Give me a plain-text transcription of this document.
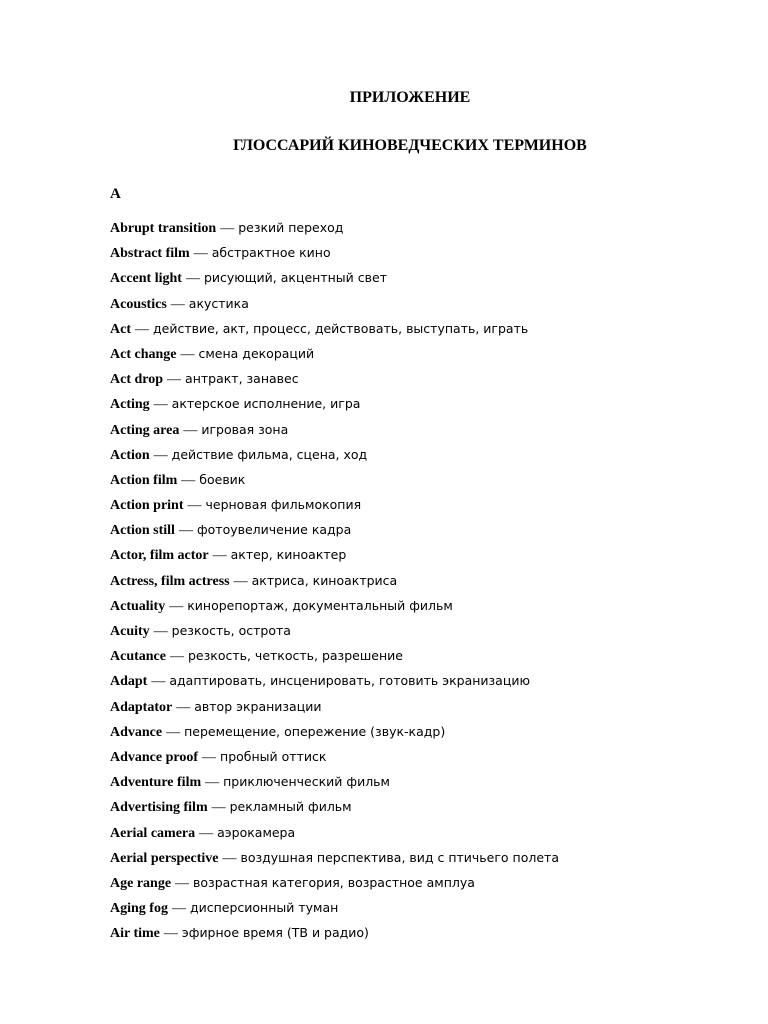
ПРИЛОЖЕНИЕ
ГЛОССАРИЙ КИНОВЕДЧЕСКИХ ТЕРМИНОВ
A
Abrupt transition — резкий переход
Abstract film — абстрактное кино
Accent light — рисующий, акцентный свет
Acoustics — акустика
Act — действие, акт, процесс, действовать, выступать, играть
Act change — смена декораций
Act drop — антракт, занавес
Acting — актерское исполнение, игра
Acting area — игровая зона
Action — действие фильма, сцена, ход
Action film — боевик
Action print — черновая фильмокопия
Action still — фотоувеличение кадра
Actor, film actor — актер, киноактер
Actress, film actress — актриса, киноактриса
Actuality — кинорепортаж, документальный фильм
Acuity — резкость, острота
Acutance — резкость, четкость, разрешение
Adapt — адаптировать, инсценировать, готовить экранизацию
Adaptator — автор экранизации
Advance — перемещение, опережение (звук-кадр)
Advance proof — пробный оттиск
Adventure film — приключенческий фильм
Advertising film — рекламный фильм
Aerial camera — аэрокамера
Aerial perspective — воздушная перспектива, вид с птичьего полета
Age range — возрастная категория, возрастное амплуа
Aging fog — дисперсионный туман
Air time — эфирное время (ТВ и радио)
